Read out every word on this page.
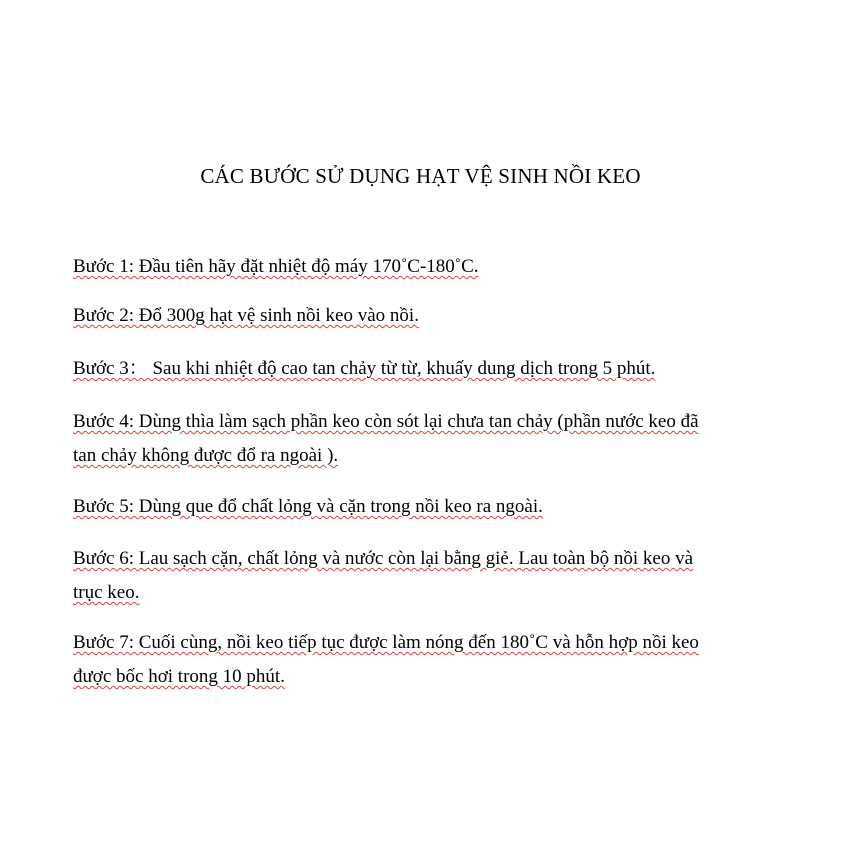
CÁC BƯỚC SỬ DỤNG HẠT VỆ SINH NỒI KEO

Bước 1: Đầu tiên hãy đặt nhiệt độ máy 170˚C-180˚C.

Bước 2: Đổ 300g hạt vệ sinh nồi keo vào nồi.

Bước 3： Sau khi nhiệt độ cao tan chảy từ từ, khuấy dung dịch trong 5 phút.

Bước 4: Dùng thìa làm sạch phần keo còn sót lại chưa tan chảy (phần nước keo đã
tan chảy không được đổ ra ngoài ).

Bước 5: Dùng que đổ chất lỏng và cặn trong nồi keo ra ngoài.

Bước 6: Lau sạch cặn, chất lỏng và nước còn lại bằng giẻ. Lau toàn bộ nồi keo và
trục keo.

Bước 7: Cuối cùng, nồi keo tiếp tục được làm nóng đến 180˚C và hỗn hợp nồi keo
được bốc hơi trong 10 phút.
